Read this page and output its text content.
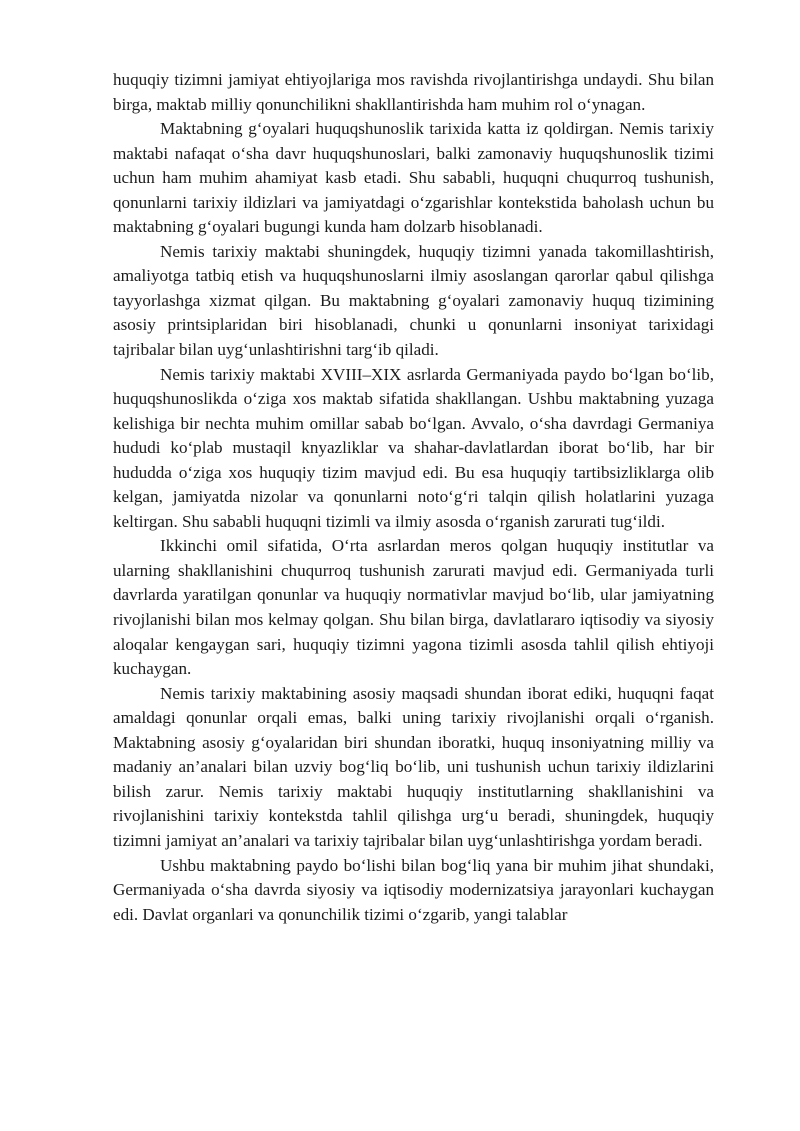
huquqiy tizimni jamiyat ehtiyojlariga mos ravishda rivojlantirishga undaydi. Shu bilan birga, maktab milliy qonunchilikni shakllantirishda ham muhim rol o‘ynagan.

Maktabning g‘oyalari huquqshunoslik tarixida katta iz qoldirgan. Nemis tarixiy maktabi nafaqat o‘sha davr huquqshunoslari, balki zamonaviy huquqshunoslik tizimi uchun ham muhim ahamiyat kasb etadi. Shu sababli, huquqni chuqurroq tushunish, qonunlarni tarixiy ildizlari va jamiyatdagi o‘zgarishlar kontekstida baholash uchun bu maktabning g‘oyalari bugungi kunda ham dolzarb hisoblanadi.

Nemis tarixiy maktabi shuningdek, huquqiy tizimni yanada takomillashtirish, amaliyotga tatbiq etish va huquqshunoslarni ilmiy asoslangan qarorlar qabul qilishga tayyorlashga xizmat qilgan. Bu maktabning g‘oyalari zamonaviy huquq tizimining asosiy printsiplaridan biri hisoblanadi, chunki u qonunlarni insoniyat tarixidagi tajribalar bilan uyg‘unlashtirishni targ‘ib qiladi.

Nemis tarixiy maktabi XVIII–XIX asrlarda Germaniyada paydo bo‘lgan bo‘lib, huquqshunoslikda o‘ziga xos maktab sifatida shakllangan. Ushbu maktabning yuzaga kelishiga bir nechta muhim omillar sabab bo‘lgan. Avvalo, o‘sha davrdagi Germaniya hududi ko‘plab mustaqil knyazliklar va shahar-davlatlardan iborat bo‘lib, har bir hududda o‘ziga xos huquqiy tizim mavjud edi. Bu esa huquqiy tartibsizliklarga olib kelgan, jamiyatda nizolar va qonunlarni noto‘g‘ri talqin qilish holatlarini yuzaga keltirgan. Shu sababli huquqni tizimli va ilmiy asosda o‘rganish zarurati tug‘ildi.

Ikkinchi omil sifatida, O‘rta asrlardan meros qolgan huquqiy institutlar va ularning shakllanishini chuqurroq tushunish zarurati mavjud edi. Germaniyada turli davrlarda yaratilgan qonunlar va huquqiy normativlar mavjud bo‘lib, ular jamiyatning rivojlanishi bilan mos kelmay qolgan. Shu bilan birga, davlatlararo iqtisodiy va siyosiy aloqalar kengaygan sari, huquqiy tizimni yagona tizimli asosda tahlil qilish ehtiyoji kuchaygan.

Nemis tarixiy maktabining asosiy maqsadi shundan iborat ediki, huquqni faqat amaldagi qonunlar orqali emas, balki uning tarixiy rivojlanishi orqali o‘rganish. Maktabning asosiy g‘oyalaridan biri shundan iboratki, huquq insoniyatning milliy va madaniy an’analari bilan uzviy bog‘liq bo‘lib, uni tushunish uchun tarixiy ildizlarini bilish zarur. Nemis tarixiy maktabi huquqiy institutlarning shakllanishini va rivojlanishini tarixiy kontekstda tahlil qilishga urg‘u beradi, shuningdek, huquqiy tizimni jamiyat an’analari va tarixiy tajribalar bilan uyg‘unlashtirishga yordam beradi.

Ushbu maktabning paydo bo‘lishi bilan bog‘liq yana bir muhim jihat shundaki, Germaniyada o‘sha davrda siyosiy va iqtisodiy modernizatsiya jarayonlari kuchaygan edi. Davlat organlari va qonunchilik tizimi o‘zgarib, yangi talablar
